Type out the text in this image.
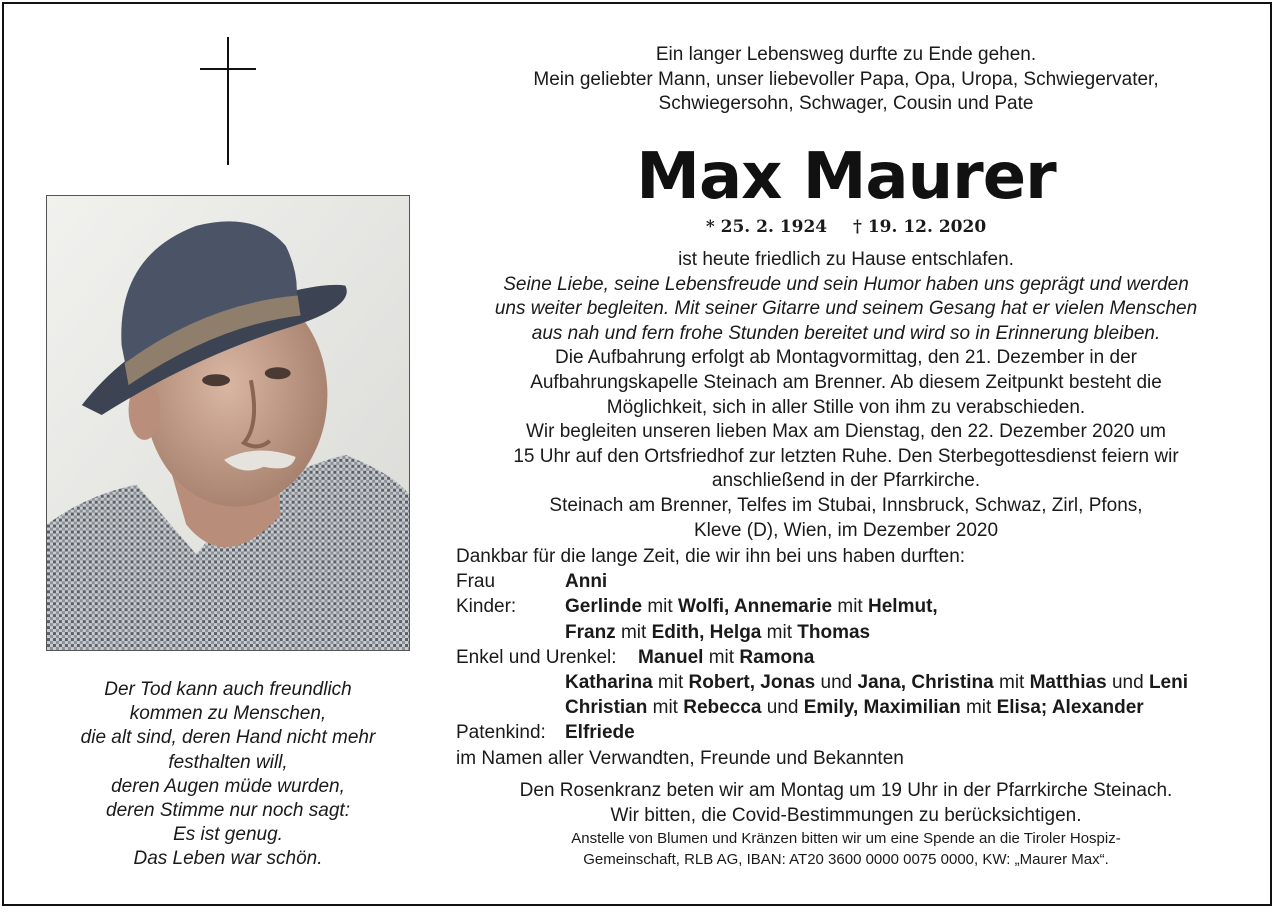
Der Tod kann auch freundlich
kommen zu Menschen,
die alt sind, deren Hand nicht mehr
festhalten will,
deren Augen müde wurden,
deren Stimme nur noch sagt:
Es ist genug.
Das Leben war schön.
Ein langer Lebensweg durfte zu Ende gehen.
Mein geliebter Mann, unser liebevoller Papa, Opa, Uropa, Schwiegervater,
Schwiegersohn, Schwager, Cousin und Pate
Max Maurer
* 25. 2. 1924 † 19. 12. 2020
ist heute friedlich zu Hause entschlafen.
Seine Liebe, seine Lebensfreude und sein Humor haben uns geprägt und werden
uns weiter begleiten. Mit seiner Gitarre und seinem Gesang hat er vielen Menschen
aus nah und fern frohe Stunden bereitet und wird so in Erinnerung bleiben.
Die Aufbahrung erfolgt ab Montagvormittag, den 21. Dezember in der
Aufbahrungskapelle Steinach am Brenner. Ab diesem Zeitpunkt besteht die
Möglichkeit, sich in aller Stille von ihm zu verabschieden.
Wir begleiten unseren lieben Max am Dienstag, den 22. Dezember 2020 um
15 Uhr auf den Ortsfriedhof zur letzten Ruhe. Den Sterbegottesdienst feiern wir
anschließend in der Pfarrkirche.
Steinach am Brenner, Telfes im Stubai, Innsbruck, Schwaz, Zirl, Pfons,
Kleve (D), Wien, im Dezember 2020
Dankbar für die lange Zeit, die wir ihn bei uns haben durften:
Frau	Anni
Kinder:	Gerlinde mit Wolfi, Annemarie mit Helmut,
Franz mit Edith, Helga mit Thomas
Enkel und Urenkel: Manuel mit Ramona
Katharina mit Robert, Jonas und Jana, Christina mit Matthias und Leni
Christian mit Rebecca und Emily, Maximilian mit Elisa; Alexander
Patenkind: Elfriede
im Namen aller Verwandten, Freunde und Bekannten
Den Rosenkranz beten wir am Montag um 19 Uhr in der Pfarrkirche Steinach.
Wir bitten, die Covid-Bestimmungen zu berücksichtigen.
Anstelle von Blumen und Kränzen bitten wir um eine Spende an die Tiroler Hospiz-
Gemeinschaft, RLB AG, IBAN: AT20 3600 0000 0075 0000, KW: „Maurer Max“.
